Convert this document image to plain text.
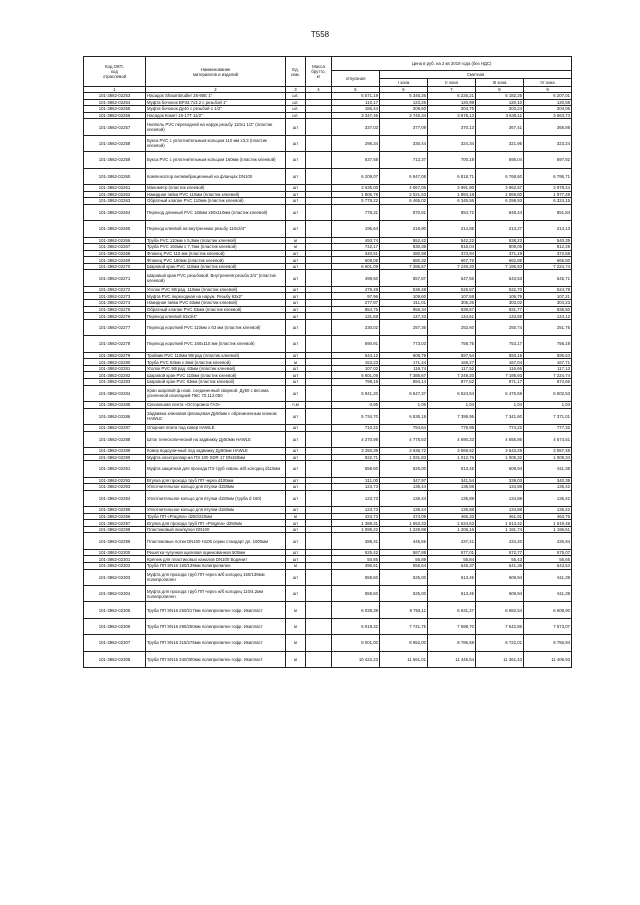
Т558
Код ОКП,
код
отраслевой	Наименование
материалов и изделий	Ед.
изм.	Масса
брутто,
кг	Цена в руб. на 2 кв 2019 года (без НДС)				
				отпускная	Сметная			
					I зона	II зона	III зона	IV зона
1	2	3	4	5	6	7	8	9
101-3862-02253	Насадок Shaumbrudler 25-90E 1"	шт.		5 571,19	5 345,26	6 226,21	6 182,25	6 207,01
101-3862-02254	Муфта бочонок BP33.7x3.2 с резьбой 1"	шт.		110,17	123,26	120,99	120,10	120,58
101-3862-02255	Муфта бочонок Ду40 с резьбой 1 1/2"	шт.		186,44	208,60	204,75	203,24	204,06
101-3862-02256	Насадок Комет 15-17Т 11/2"	шт.		3 347,46	3 745,34	3 676,13	3 649,11	3 663,73
101-3862-02257	Ниппель PVC переходной на наруж.резьбу 110x1 1/2" (пластик клеевой)	шт		337,03	377,09	370,13	367,41	368,88
101-3862-02258	Букса PVC с уплотнительным кольцом 110 мм x3,3 (пластик клеевой)	шт		295,34	330,44	324,34	321,95	323,24
101-3862-02259	Букса PVC с уплотнительным кольцом 160мм (пластик клеевой)	шт		637,58	713,37	700,19	695,04	697,82
101-3862-02260	Компенсатор антивибрационный на фланцах DN100	шт		6 209,07	6 947,08	6 818,71	6 768,60	6 795,71
101-3862-02261	Манометр (пластик клеевой)	шт		3 635,00	4 067,06	3 991,90	3 962,57	3 978,44
101-3862-02262	Накидная гайка PVC 110мм (пластик клеевой)	шт		1 806,78	2 021,53	1 984,18	1 969,60	1 977,49
101-3862-02263	Обратный клапан PVC 110мм (пластик клеевой)	шт		5 778,22	6 465,02	6 345,56	6 298,93	6 324,15
101-3862-02264	Переход длинный PVC 160мм x90x110мм (пластик клеевой)	шт		778,31	870,81	854,72	848,44	851,84
101-3862-02265	Переход клеевой на внутреннюю резьбу 110x3/4"	шт		195,64	218,90	214,85	213,27	214,13
101-3862-02266	Труба PVC 110мм x 5,3мм (пластик клеевой)	м		493,74	552,42	542,22	538,23	540,39
101-3862-02267	Труба PVC 160мм x 7,7мм (пластик клеевой)	м		742,17	830,38	815,04	809,05	812,29
101-3862-02268	Фланец PVC 110 мм (пластик клеевой)	шт		340,51	380,98	373,94	371,19	372,68
101-3862-02269	Фланец PVC 160мм (пластик клеевой)	шт		608,05	680,32	667,76	662,85	665,50
101-3862-02270	Шаровой кран PVC 110мм (пластик клеевой)	шт		6 601,09	7 385,67	7 249,20	7 195,93	7 224,74
101-3862-02271	Шаровый кран PVC резьбовой. Внутренняя резьба 3/4" (пластик клеевой)	шт		498,60	557,87	547,56	543,53	545,71
101-3862-02272	Уголок PVC 90град. 110мм (пластик клеевой)	шт		479,49	536,48	526,57	522,70	524,79
101-3862-02273	Муфта PVC переходная на наруж. Резьбу 63x2"	шт		97,96	109,60	107,58	106,79	107,21
101-3862-02274	Накидная гайка PVC 63мм (пластик клеевой)	шт		277,97	311,01	305,26	303,02	304,23
101-3862-02275	Обратный клапан PVC 63мм (пластик клеевой)	шт		854,75	956,34	938,67	931,77	935,50
101-3862-02276	Переход клеевой 63x3/4"	шт		131,68	147,33	144,61	143,55	144,12
101-3862-02277	Переход короткий PVC 110мм x 63 мм (пластик клеевой)	шт		230,02	257,36	252,60	250,74	251,75
101-3862-02278	Переход короткий PVC 160x110 мм (пластик клеевой)	шт		690,91	773,03	758,75	753,17	756,19
101-3862-02279	Тройник PVC 110мм 90град (пластик клеевой)	шт		544,12	608,79	597,54	593,15	595,53
101-3862-02280	Труба PVC 63мм x 3мм (пластик клеевой)	м		153,23	171,44	168,27	167,04	167,71
101-3862-02281	Уголок PVC 90град. 63мм (пластик клеевой)	шт		107,02	119,74	117,52	116,66	117,13
101-3862-02282	Шаровой кран PVC 110мм (пластик клеевой)	шт		6 601,09	7 385,67	7 249,20	7 195,93	7 224,74
101-3862-02283	Шаровой кран PVC 63мм (пластик клеевой)	шт		799,15	894,14	877,62	871,17	874,66
101-3862-02284	Кран шаровой ф.нзов. соединенный сварной. Ду50 с весома усиленной изоляцией ПКС 70.112.050	шт		5 941,20	6 647,37	6 524,54	6 476,59	6 502,53
101-3862-02285	Сигнальная лента «Осторожно ГАЗ»	п.м		0,95	1,06	1,04	1,04	1,04
101-3862-02286	Задвижка клиновая фланцевая Ду50мм с обрезиненным клином HAWLE	шт		5 734,70	6 535,19	7 395,95	7 341,60	7 371,01
101-3862-02287	Опорная плита под ковер HAWLE	шт		710,22	794,64	779,95	774,22	777,32
101-3862-02288	Шток телескопический на задвижку Ду50мм HAWLE	шт		4 270,98	4 778,63	4 690,33	4 655,86	4 674,51
101-3862-02289	Ковер водоуличный под задвижку Ду50мм HAWLE	шт		3 250,39	3 636,72	3 569,52	3 543,29	3 557,48
101-3862-02290	Муфта электросвар-ая ПЭ 100 SDR 17 DN160мм	шт		922,71	1 031,83	1 012,76	1 005,32	1 009,34
101-3862-02291	Муфта защитная для прохода ПЭ труб сквозь ж/б колодец d110мм	шт		558,60	625,00	613,45	608,94	611,38
101-3862-02292	Втулка для прохода труб ПП через d100мм	шт		311,00	347,97	341,54	339,03	340,38
101-3862-02293	Уплотнительное кольцо для втулки d150мм	шт		123,73	138,44	135,88	134,88	135,42
101-3862-02294	Уплотнительное кольцо для втулки d150мм (труба d 160)	шт		123,73	138,44	135,88	134,88	135,42
101-3862-02295	Уплотнительное кольцо для втулки d160мм	шт		123,73	138,44	135,88	134,88	135,42
101-3862-02296	Труба ПП «Pragma» d250/220мм	м		423,73	474,09	465,33	461,91	463,76
101-3862-02297	Втулка для прохода труб ПП «Pragma» d250мм	шт		1 388,31	1 553,33	1 524,63	1 513,42	1 519,48
101-3862-02298	Пластиковый люк/купол DN100	шт		1 099,22	1 229,88	1 206,16	1 191,74	1 196,51
101-3862-02299	Пластиковые лотки DN100 H105 серии стандарт дл. 1000мм	шт		398,31	445,65	437,41	434,20	435,94
101-3862-02300	Решетка чугунная щелевая оцинкованная 500мм	шт		525,42	587,88	577,01	572,77	575,07
101-3862-02301	Крепеж для пластиковых каналов DN100 Водянит	шт		50,85	56,89	55,84	55,43	55,65
101-3862-02302	Труба ПП SN16 160/139мм полипропилен	м		496,61	555,64	545,37	541,36	543,53
101-3862-02303	Муфта для прохода труб ПП через ж/б колодец 160/139мм полипропилен	шт		558,60	625,00	613,45	608,94	611,38
101-3862-02304	Муфта для прохода труб ПП через ж/б колодец 110/4.2мм полипропилен	шт		558,60	625,00	613,45	608,94	611,38
101-3862-02305	Труба ПП SN16 250/217мм полипропилен гофр. Икапласт	м		6 038,39	6 756,11	6 631,27	6 582,54	6 608,90
101-3862-02306	Труба ПП SN16 295/250мм полипропилен гофр. Икапласт	м		6 919,32	7 741,75	7 598,70	7 542,86	7 573,07
101-3862-02307	Труба ПП SN16 315/275мм полипропилен гофр. Икапласт	м		8 001,00	8 952,00	8 786,58	8 722,01	8 756,94
101-3862-02308	Труба ПП SN16 340/300мм полипропилен гофр. Икапласт	м		10 422,23	11 661,01	11 445,54	11 361,43	11 406,93
